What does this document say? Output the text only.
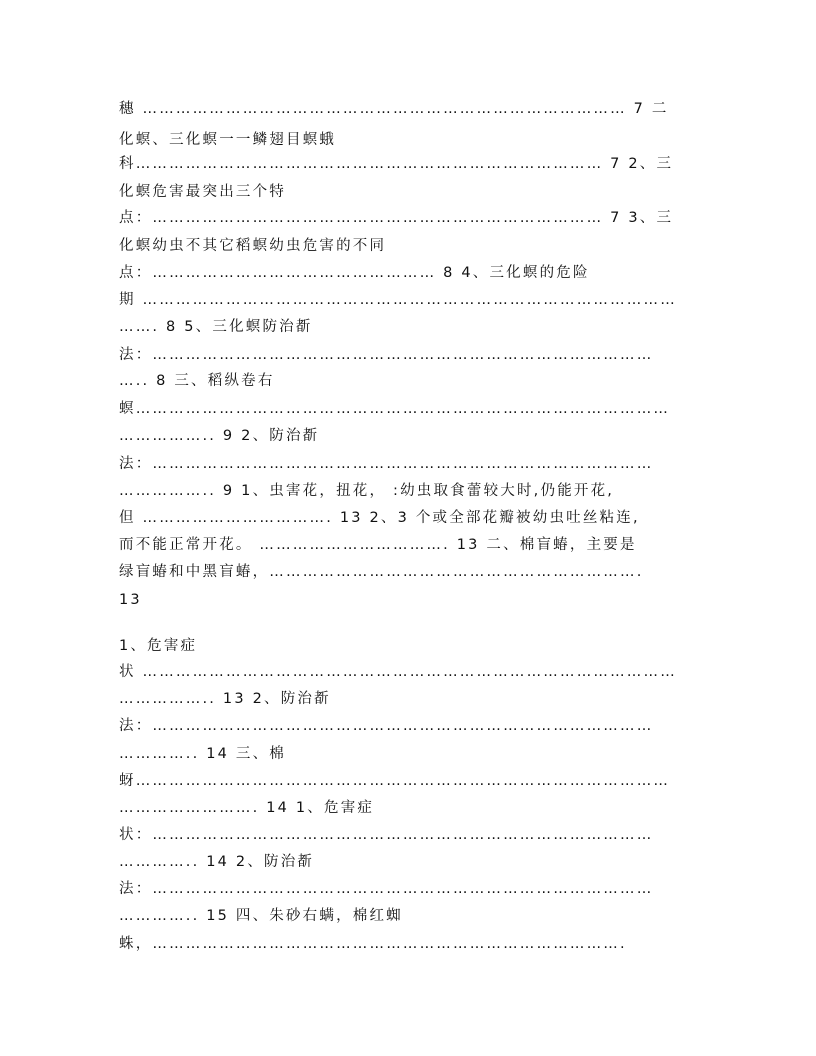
穗 …………………………………………………………………………… 7 二

化螟、三化螟一一鳞翅目螟蛾

科………………………………………………………………………… 7 2、三

化螟危害最突出三个特

点：……………………………………………………………………… 7 3、三

化螟幼虫不其它稻螟幼虫危害的不同

点：…………………………………………… 8 4、三化螟的危险

期 ……………………………………………………………………………………

……. 8 5、三化螟防治斱

法：………………………………………………………………………………

….. 8 三、稻纵卷右

螟……………………………………………………………………………………

…………….. 9 2、防治斱

法：………………………………………………………………………………

…………….. 9 1、虫害花，扭花， :幼虫取食蕾较大时,仍能开花,

但 ……………………………. 13 2、3 个或全部花瓣被幼虫吐丝粘连,

而不能正常开花。 ……………………………. 13 二、棉盲蝽，主要是

绿盲蝽和中黑盲蝽，………………………………………………………….

13

1、危害症

状 ……………………………………………………………………………………

…………….. 13 2、防治斱

法：………………………………………………………………………………

………….. 14 三、棉

蚜……………………………………………………………………………………

……………………. 14 1、危害症

状：………………………………………………………………………………

………….. 14 2、防治斱

法：………………………………………………………………………………

………….. 15 四、朱砂右螨，棉红蜘

蛛，………………………………………………………………………….
